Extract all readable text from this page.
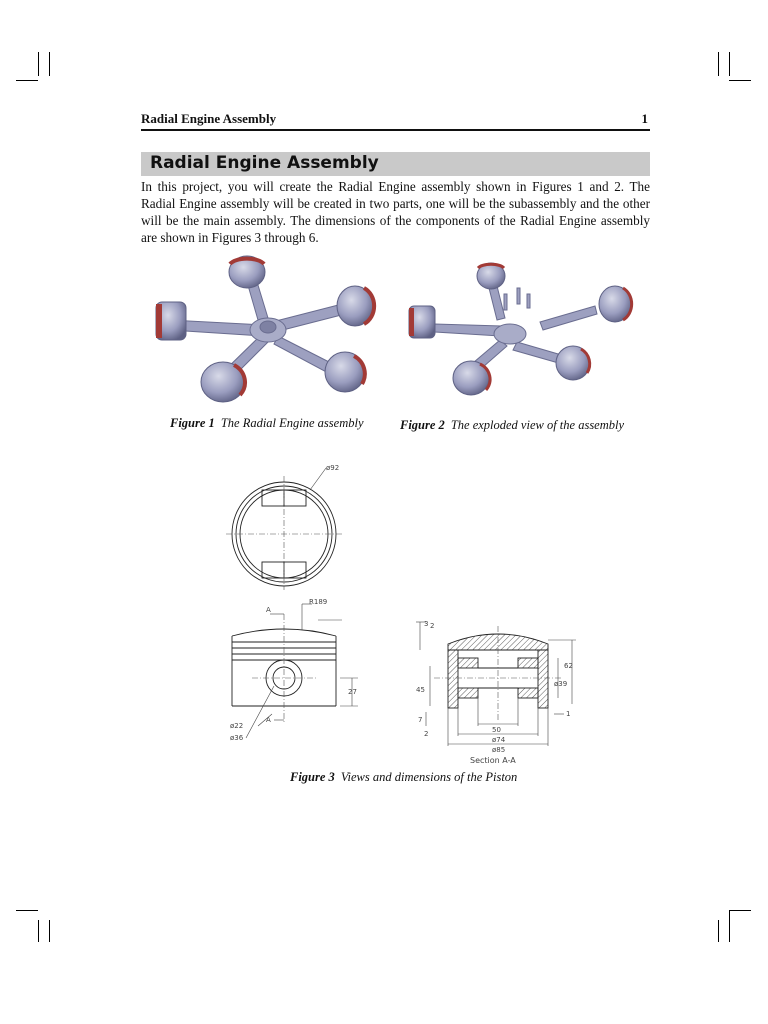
Radial Engine Assembly	1
Radial Engine Assembly
In this project, you will create the Radial Engine assembly shown in Figures 1 and 2. The Radial Engine assembly will be created in two parts, one will be the subassembly and the other will be the main assembly. The dimensions of the components of the Radial Engine assembly are shown in Figures 3 through 6.
Figure 1 The Radial Engine assembly	Figure 2 The exploded view of the assembly
ø92
A
R189
27
A
ø22
ø36
3 2
45
7
2
62
ø39
1
50
ø74
ø85
Section A-A
Figure 3 Views and dimensions of the Piston
